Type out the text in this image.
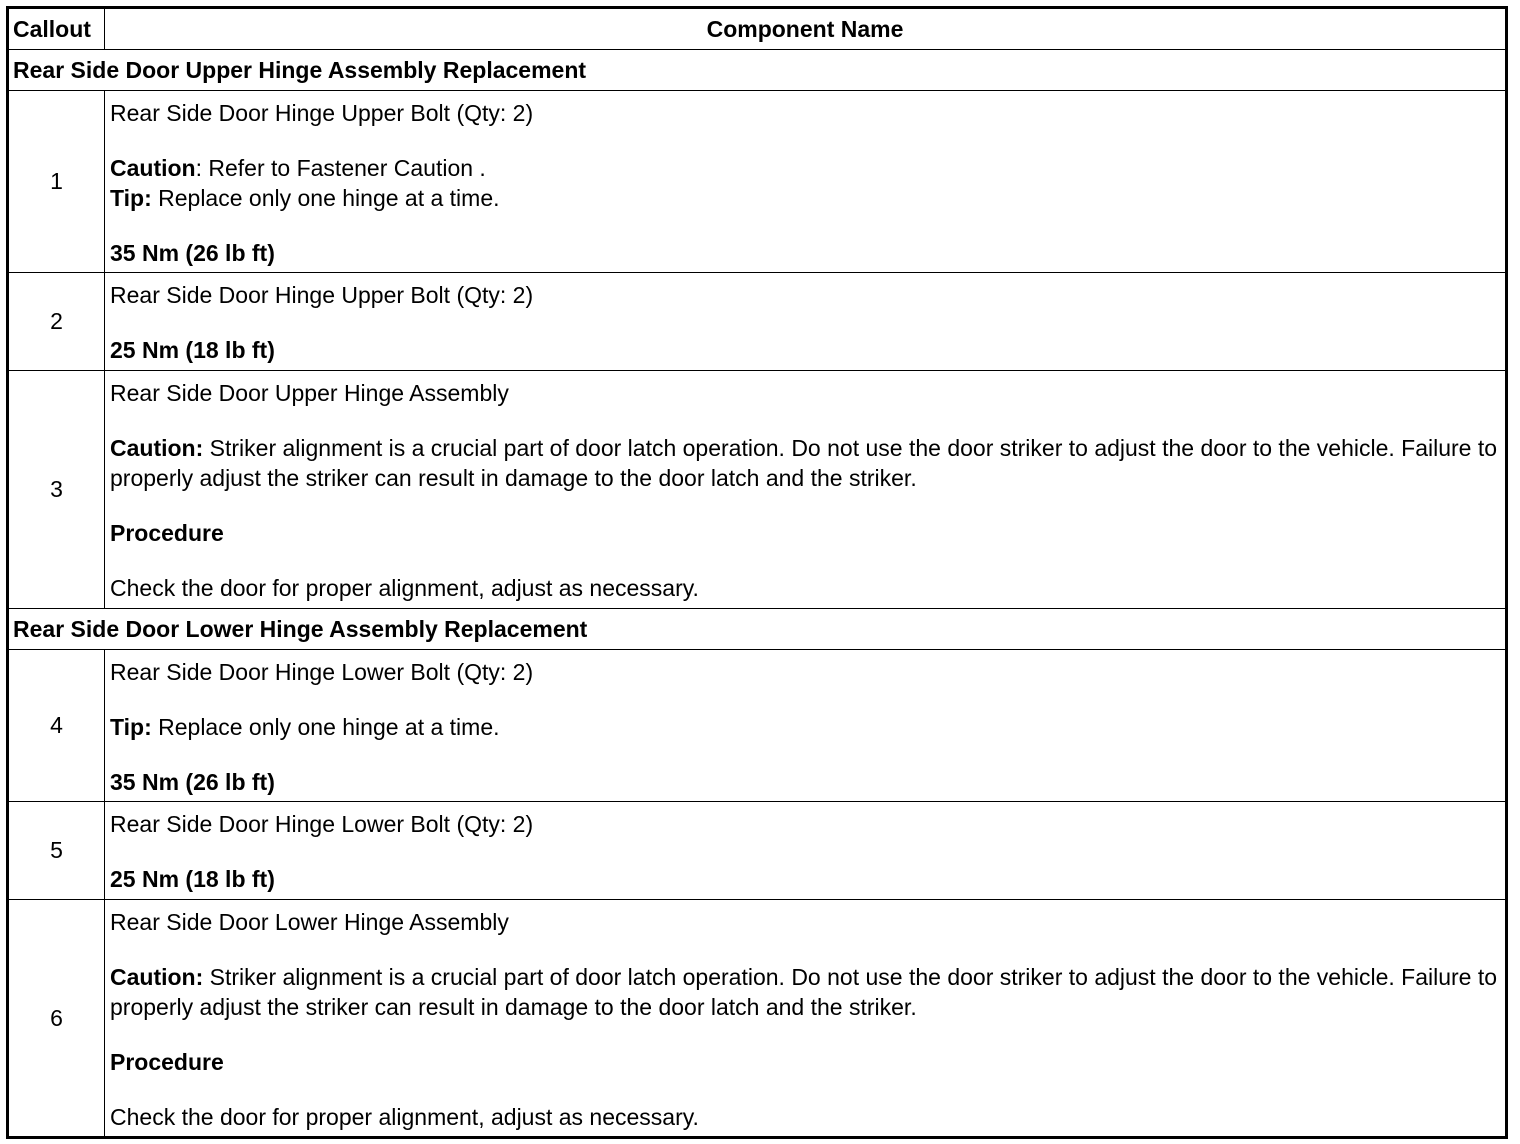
Callout	Component Name
Rear Side Door Upper Hinge Assembly Replacement	
1	Rear Side Door Hinge Upper Bolt (Qty: 2)
Caution: Refer to Fastener Caution .
Tip: Replace only one hinge at a time.
35 Nm (26 lb ft)

2	Rear Side Door Hinge Upper Bolt (Qty: 2)
25 Nm (18 lb ft)

3	Rear Side Door Upper Hinge Assembly
Caution: Striker alignment is a crucial part of door latch operation. Do not use the door striker to adjust the door to the vehicle. Failure to properly adjust the striker can result in damage to the door latch and the striker.
Procedure
Check the door for proper alignment, adjust as necessary.

Rear Side Door Lower Hinge Assembly Replacement	
4	Rear Side Door Hinge Lower Bolt (Qty: 2)
Tip: Replace only one hinge at a time.
35 Nm (26 lb ft)

5	Rear Side Door Hinge Lower Bolt (Qty: 2)
25 Nm (18 lb ft)

6	Rear Side Door Lower Hinge Assembly
Caution: Striker alignment is a crucial part of door latch operation. Do not use the door striker to adjust the door to the vehicle. Failure to properly adjust the striker can result in damage to the door latch and the striker.
Procedure
Check the door for proper alignment, adjust as necessary.
